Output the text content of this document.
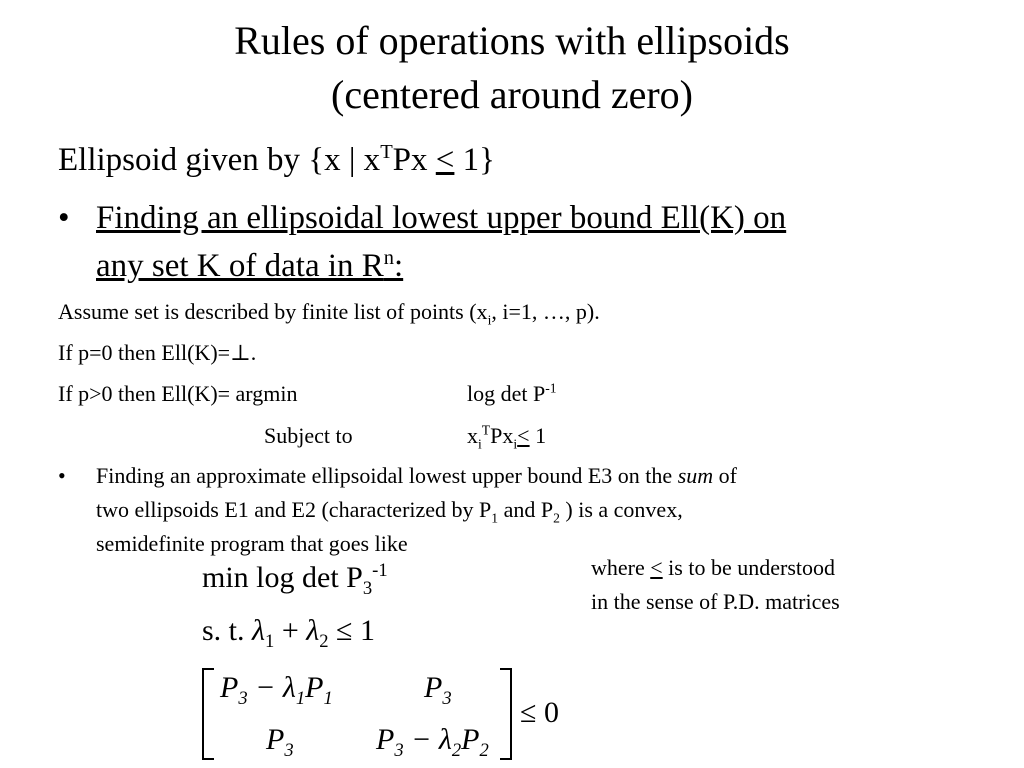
Rules of operations with ellipsoids
(centered around zero)
Ellipsoid given by {x | $x^TPx < 1$}
• Finding an ellipsoidal lowest upper bound Ell(K) on
any set K of data in $R^n$:
Assume set is described by finite list of points ($x_i$, i=1, …, p).
If p=0 then Ell(K)=⊥.
If p>0 then Ell(K)= argmin	$\log \det P^{-1}$
Subject to	$x_i^TPx_i< 1$
• Finding an approximate ellipsoidal lowest upper bound E3 on the sum of
two ellipsoids E1 and E2 (characterized by $P_1$ and $P_2$ ) is a convex,
semidefinite program that goes like
where < is to be understood
in the sense of P.D. matrices
$\min \log \det P_3^{-1}$
s. t. $\lambda_1 + \lambda_2 \le 1$
$P_3 - \lambda_1P_1$	$P_3$
$P_3$	$P_3 - \lambda_2P_2$
≤ 0
